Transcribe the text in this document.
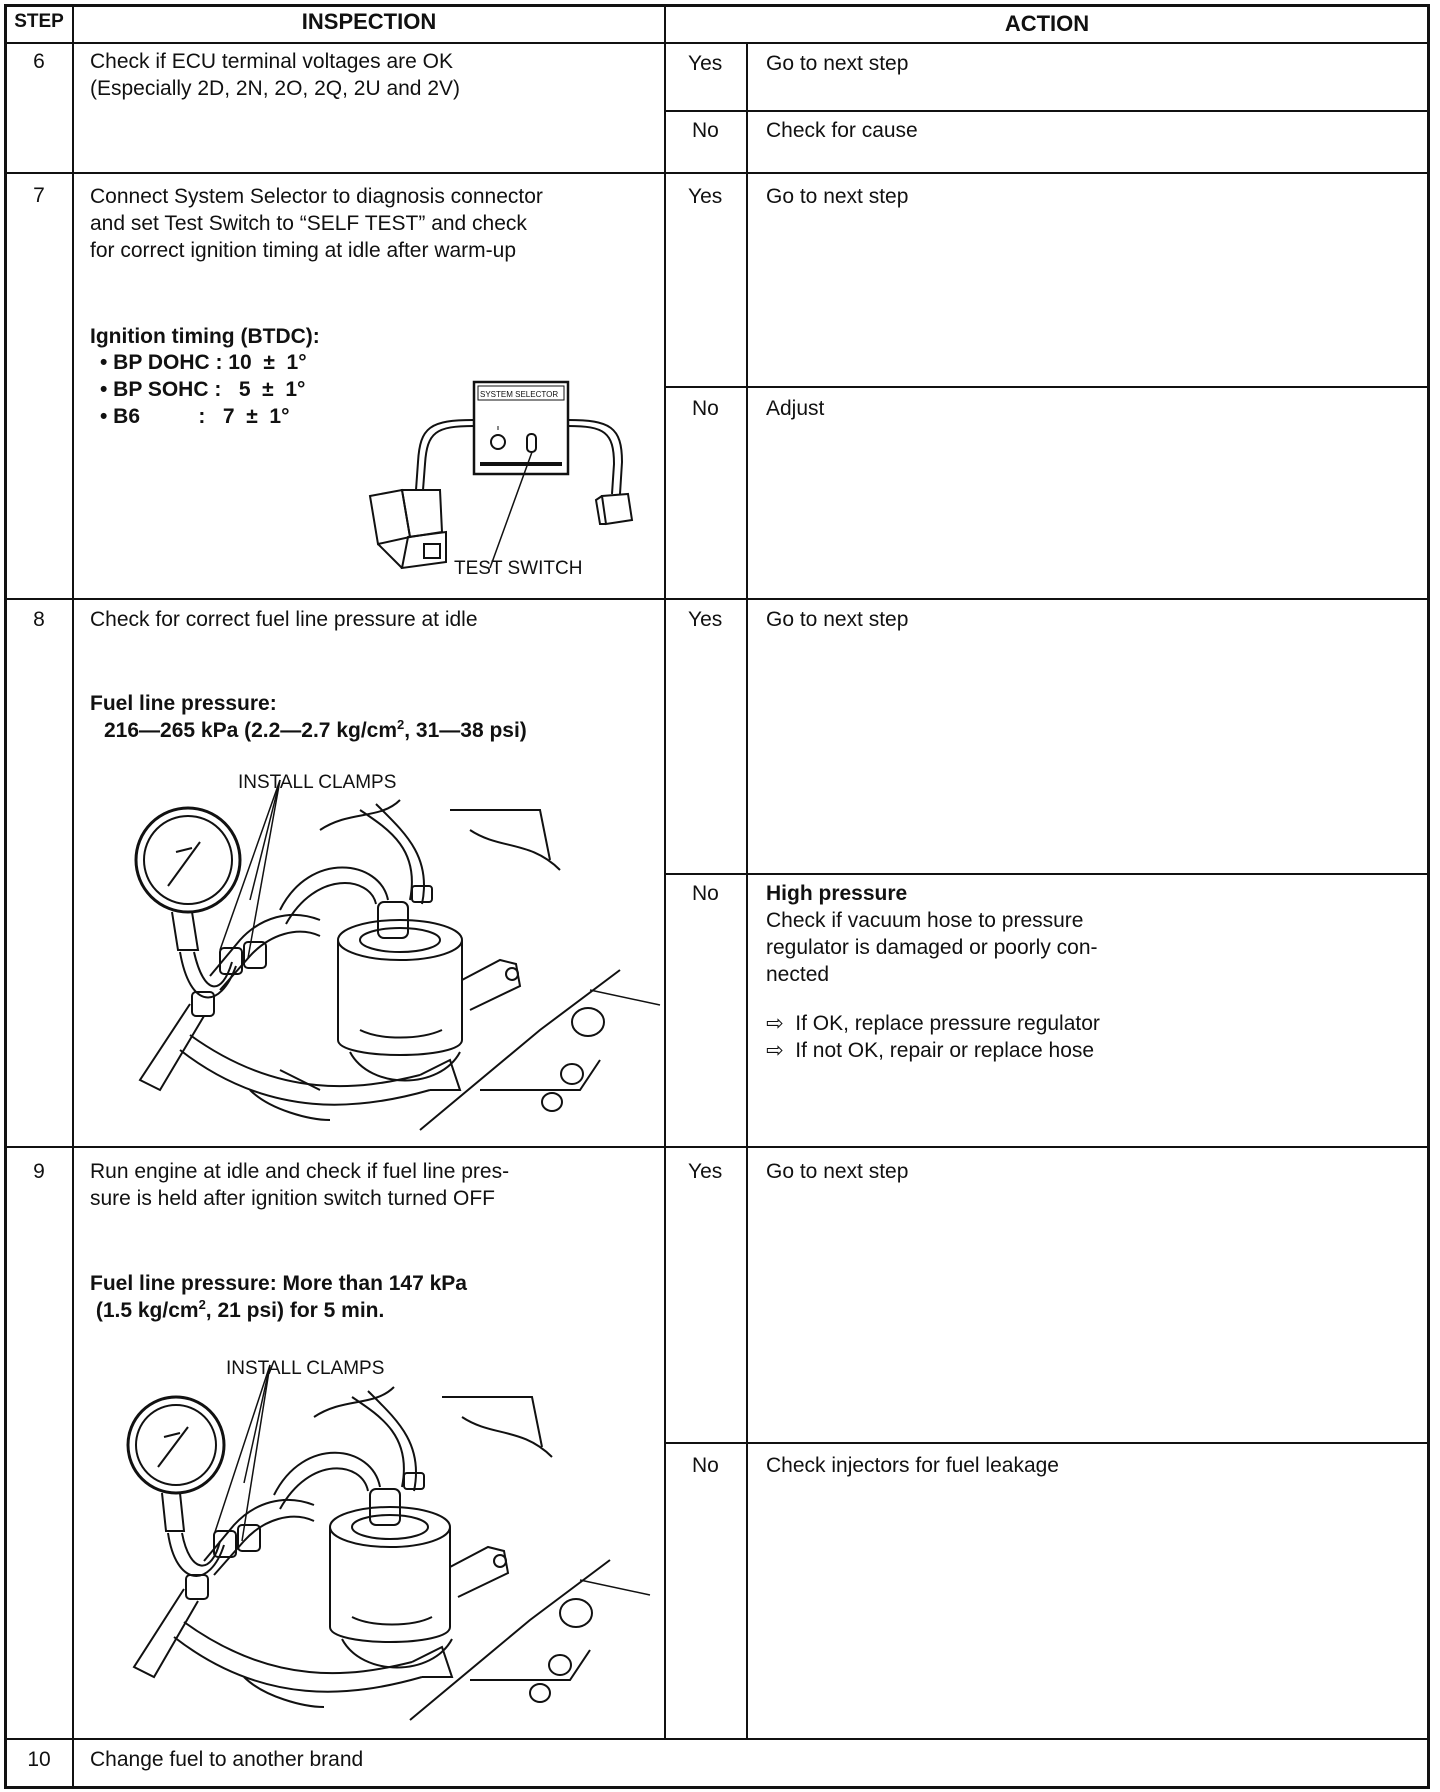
STEP	INSPECTION	ACTION
6	Check if ECU terminal voltages are OK
(Especially 2D, 2N, 2O, 2Q, 2U and 2V)
Yes Go to next step
No Check for cause
7	Connect System Selector to diagnosis connector
and set Test Switch to “SELF TEST” and check
for correct ignition timing at idle after warm-up
Ignition timing (BTDC):
• BP DOHC : 10  ±  1°
• BP SOHC :   5  ±  1°
• B6          :   7  ±  1°
SYSTEM SELECTOR
TEST SWITCH
Yes Go to next step
No Adjust
8	Check for correct fuel line pressure at idle
Fuel line pressure:
216—265 kPa (2.2—2.7 $kg/cm^2$, 31—38 psi)
INSTALL CLAMPS
Yes Go to next step
No High pressure
Check if vacuum hose to pressure
regulator is damaged or poorly con-
nected
⇨  If OK, replace pressure regulator
⇨  If not OK, repair or replace hose
9	Run engine at idle and check if fuel line pres-
sure is held after ignition switch turned OFF
Fuel line pressure: More than 147 kPa
(1.5 $kg/cm^2$, 21 psi) for 5 min.
INSTALL CLAMPS
Yes Go to next step
No Check injectors for fuel leakage
10	Change fuel to another brand
